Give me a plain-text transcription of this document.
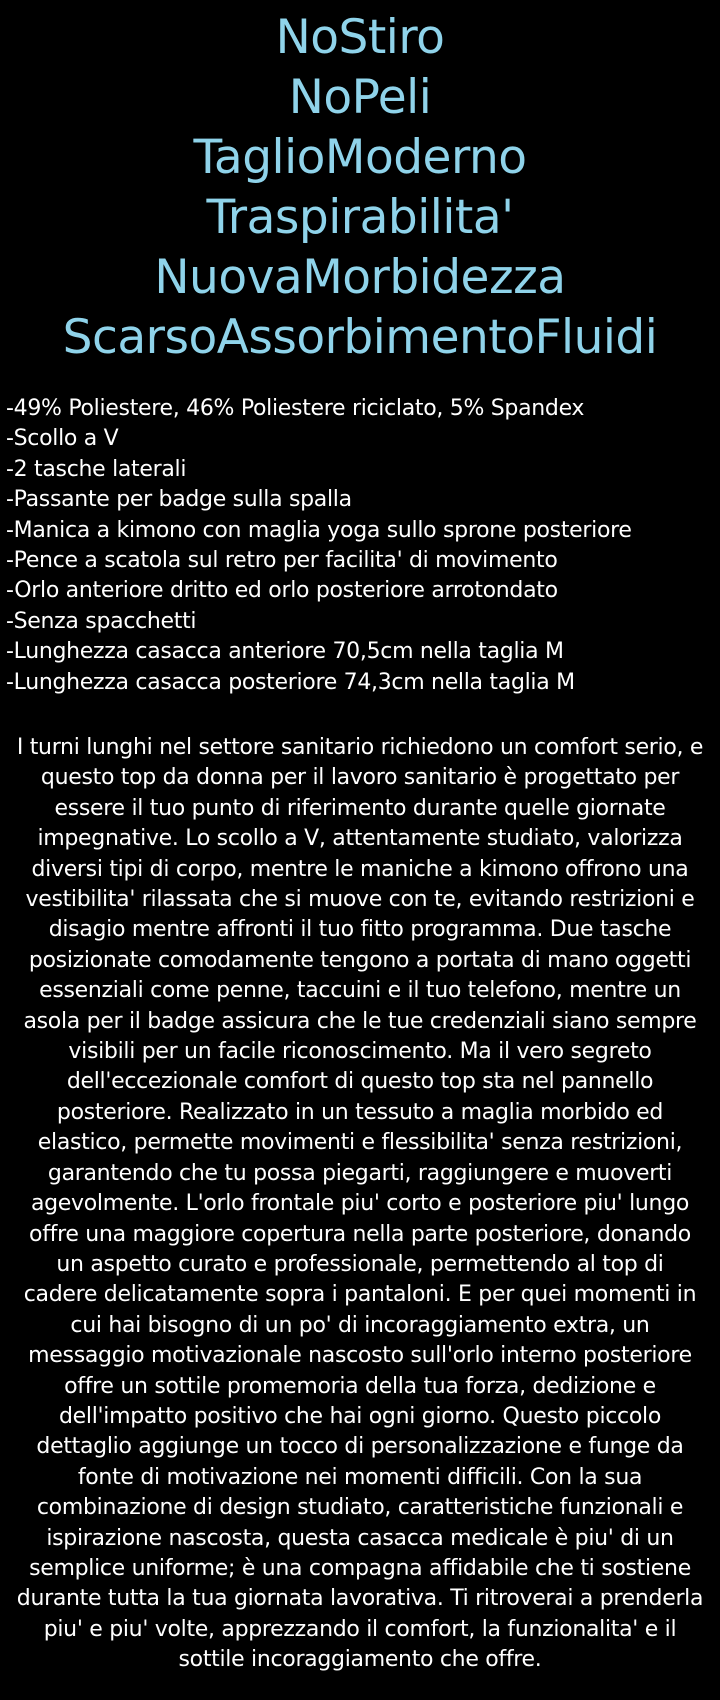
NoStiro
NoPeli
TaglioModerno
Traspirabilita'
NuovaMorbidezza
ScarsoAssorbimentoFluidi
-49% Poliestere, 46% Poliestere riciclato, 5% Spandex
-Scollo a V
-2 tasche laterali
-Passante per badge sulla spalla
-Manica a kimono con maglia yoga sullo sprone posteriore
-Pence a scatola sul retro per facilita' di movimento
-Orlo anteriore dritto ed orlo posteriore arrotondato
-Senza spacchetti
-Lunghezza casacca anteriore 70,5cm nella taglia M
-Lunghezza casacca posteriore 74,3cm nella taglia M
I turni lunghi nel settore sanitario richiedono un comfort serio, e
questo top da donna per il lavoro sanitario è progettato per
essere il tuo punto di riferimento durante quelle giornate
impegnative. Lo scollo a V, attentamente studiato, valorizza
diversi tipi di corpo, mentre le maniche a kimono offrono una
vestibilita' rilassata che si muove con te, evitando restrizioni e
disagio mentre affronti il tuo fitto programma. Due tasche
posizionate comodamente tengono a portata di mano oggetti
essenziali come penne, taccuini e il tuo telefono, mentre un
asola per il badge assicura che le tue credenziali siano sempre
visibili per un facile riconoscimento. Ma il vero segreto
dell'eccezionale comfort di questo top sta nel pannello
posteriore. Realizzato in un tessuto a maglia morbido ed
elastico, permette movimenti e flessibilita' senza restrizioni,
garantendo che tu possa piegarti, raggiungere e muoverti
agevolmente. L'orlo frontale piu' corto e posteriore piu' lungo
offre una maggiore copertura nella parte posteriore, donando
un aspetto curato e professionale, permettendo al top di
cadere delicatamente sopra i pantaloni. E per quei momenti in
cui hai bisogno di un po' di incoraggiamento extra, un
messaggio motivazionale nascosto sull'orlo interno posteriore
offre un sottile promemoria della tua forza, dedizione e
dell'impatto positivo che hai ogni giorno. Questo piccolo
dettaglio aggiunge un tocco di personalizzazione e funge da
fonte di motivazione nei momenti difficili. Con la sua
combinazione di design studiato, caratteristiche funzionali e
ispirazione nascosta, questa casacca medicale è piu' di un
semplice uniforme; è una compagna affidabile che ti sostiene
durante tutta la tua giornata lavorativa. Ti ritroverai a prenderla
piu' e piu' volte, apprezzando il comfort, la funzionalita' e il
sottile incoraggiamento che offre.
